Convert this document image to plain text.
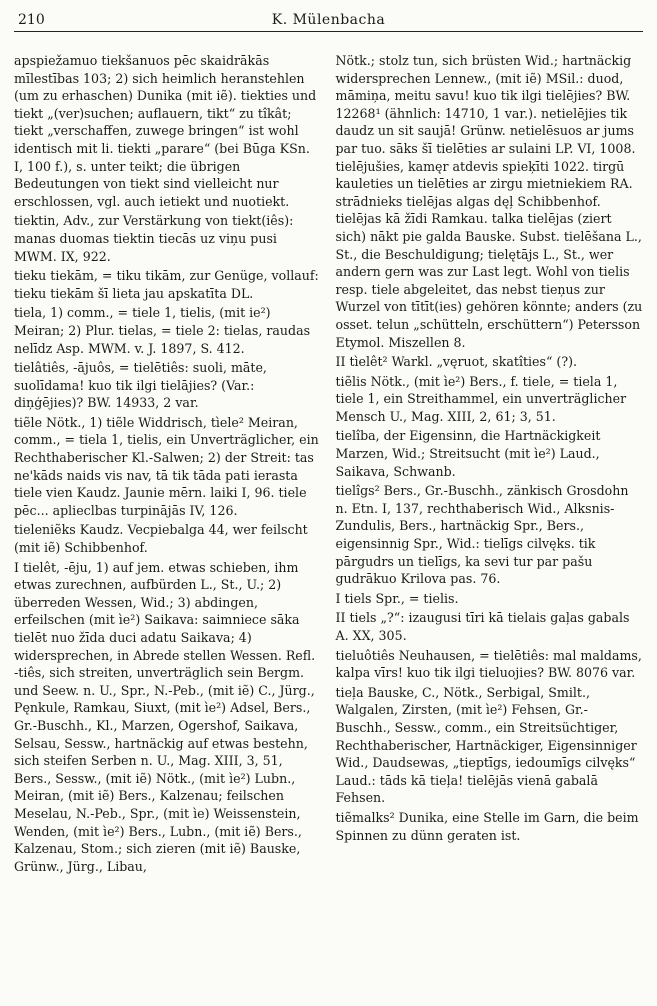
210	K. Mülenbacha

apspiežamuo tiekšanuos pēc skaidrākās mīlestības 103; 2) sich heimlich heranstehlen (um zu erhaschen) Dunika (mit iẽ). tiekties und tiekt „(ver)suchen; auflauern, tikt“ zu tîkât; tiekt „verschaffen, zuwege bringen“ ist wohl identisch mit li. tiekti „parare“ (bei Būga KSn. I, 100 f.), s. unter teikt; die übrigen Bedeutungen von tiekt sind vielleicht nur erschlossen, vgl. auch ietiekt und nuotiekt.

tiektin, Adv., zur Verstärkung von tiekt(iês): manas duomas tiektin tiecās uz viņu pusi MWM. IX, 922.

tieku tiekām, = tiku tikām, zur Genüge, vollauf: tieku tiekām šī lieta jau apskatīta DL.

tiela, 1) comm., = tiele 1, tielis, (mit ie²) Meiran; 2) Plur. tielas, = tiele 2: tielas, raudas nelīdz Asp. MWM. v. J. 1897, S. 412.

tielâtiês, -ājuôs, = tielētiês: suoli, māte, suolīdama! kuo tik ilgi tielājies? (Var.: diņģējies)? BW. 14933, 2 var.

tiẽle Nötk., 1) tiẽle Widdrisch, tìele² Meiran, comm., = tiela 1, tielis, ein Unverträglicher, ein Rechthaberischer Kl.-Salwen; 2) der Streit: tas ne'kāds naids vis nav, tā tik tāda pati ierasta tiele vien Kaudz. Jaunie mērn. laiki I, 96. tiele pēc... aplieclbas turpinājās IV, 126.

tieleniẽks Kaudz. Vecpiebalga 44, wer feilscht (mit iẽ) Schibbenhof.

I tielêt, -ēju, 1) auf jem. etwas schieben, ihm etwas zurechnen, aufbürden L., St., U.; 2) überreden Wessen, Wid.; 3) abdingen, erfeilschen (mit ìe²) Saikava: saimniece sāka tielēt nuo žīda duci adatu Saikava; 4) widersprechen, in Abrede stellen Wessen. Refl. -tiês, sich streiten, unverträglich sein Bergm. und Seew. n. U., Spr., N.-Peb., (mit iẽ) C., Jürg., Pęnkule, Ramkau, Siuxt, (mit ìe²) Adsel, Bers., Gr.-Buschh., Kl., Marzen, Ogershof, Saikava, Selsau, Sessw., hartnäckig auf etwas bestehn, sich steifen Serben n. U., Mag. XIII, 3, 51, Bers., Sessw., (mit iẽ) Nötk., (mit ìe²) Lubn., Meiran, (mit iẽ) Bers., Kalzenau; feilschen Meselau, N.-Peb., Spr., (mit ìe) Weissenstein, Wenden, (mit ìe²) Bers., Lubn., (mit iẽ) Bers., Kalzenau, Stom.; sich zieren (mit iẽ) Bauske, Grünw., Jürg., Libau,

Nötk.; stolz tun, sich brüsten Wid.; hartnäckig widersprechen Lennew., (mit iẽ) MSil.: duod, māmiņa, meitu savu! kuo tik ilgi tielējies? BW. 12268¹ (ähnlich: 14710, 1 var.). netielējies tik daudz un sit saujā! Grünw. netielēsuos ar jums par tuo. sāks šī tielēties ar sulaini LP. VI, 1008. tielējušies, kamęr atdevis spieķīti 1022. tirgū kauleties un tielēties ar zirgu mietniekiem RA. strādnieks tielējas algas dęļ Schibbenhof. tielējas kā žīdi Ramkau. talka tielējas (ziert sich) nākt pie galda Bauske. Subst. tielēšana L., St., die Beschuldigung; tielętājs L., St., wer andern gern was zur Last legt. Wohl von tielis resp. tiele abgeleitet, das nebst tieņus zur Wurzel von tītīt(ies) gehören könnte; anders (zu osset. telun „schütteln, erschüttern“) Petersson Etymol. Miszellen 8.

II tìelêt² Warkl. „vęruot, skatîties“ (?).

tiẽlis Nötk., (mit ìe²) Bers., f. tiele, = tiela 1, tiele 1, ein Streithammel, ein unverträglicher Mensch U., Mag. XIII, 2, 61; 3, 51.

tielîba, der Eigensinn, die Hartnäckigkeit Marzen, Wid.; Streitsucht (mit ìe²) Laud., Saikava, Schwanb.

tielîgs² Bers., Gr.-Buschh., zänkisch Grosdohn n. Etn. I, 137, rechthaberisch Wid., Alksnis-Zundulis, Bers., hartnäckig Spr., Bers., eigensinnig Spr., Wid.: tielīgs cilvęks. tik pārgudrs un tielīgs, ka sevi tur par pašu gudrākuo Krilova pas. 76.

I tiels Spr., = tielis.

II tiels „?“: izaugusi tīri kā tielais gaļas gabals A. XX, 305.

tieluôtiês Neuhausen, = tielētiês: mal maldams, kalpa vīrs! kuo tik ilgi tieluojies? BW. 8076 var.

tieļa Bauske, C., Nötk., Serbigal, Smilt., Walgalen, Zirsten, (mit ìe²) Fehsen, Gr.-Buschh., Sessw., comm., ein Streitsüchtiger, Rechthaberischer, Hartnäckiger, Eigensinniger Wid., Daudsewas, „tieptīgs, iedoumīgs cilvęks“ Laud.: tāds kā tieļa! tielējās vienā gabalā Fehsen.

tiẽmalks² Dunika, eine Stelle im Garn, die beim Spinnen zu dünn geraten ist.
